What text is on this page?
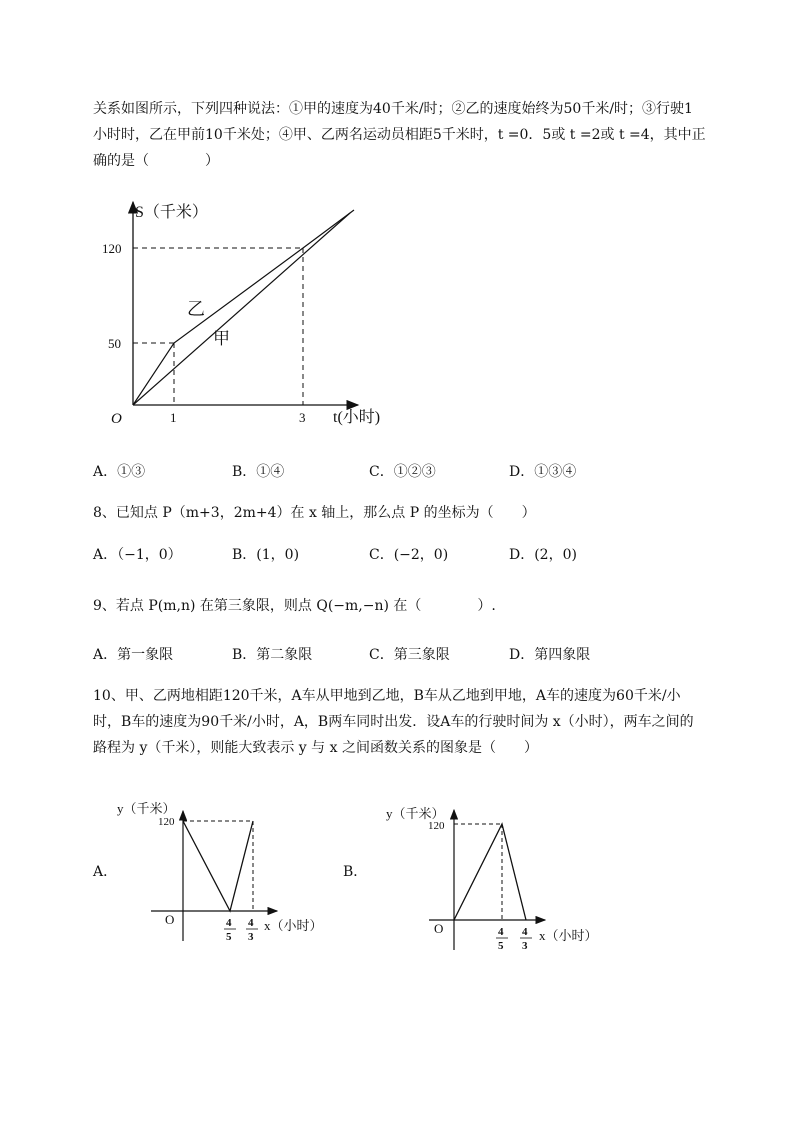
关系如图所示，下列四种说法：①甲的速度为40千米/时；②乙的速度始终为50千米/时；③行驶1
小时时，乙在甲前10千米处；④甲、乙两名运动员相距5千米时，t =0．5或 t =2或 t =4，其中正
确的是（　　　　）
S（千米）
t(小时)
O
120
50
1	3
乙
甲
A．①③	B．①④	C．①②③	D．①③④
8、已知点 P（m+3，2m+4）在 x 轴上，那么点 P 的坐标为（　　）
A．（−1，0）	B．(1，0)	C．(−2，0)	D．(2，0)
9、若点 P(m,n) 在第三象限，则点 Q(−m,−n) 在（　　　　）.
A．第一象限	B．第二象限	C．第三象限	D．第四象限
10、甲、乙两地相距120千米，A车从甲地到乙地，B车从乙地到甲地，A车的速度为60千米/小
时，B车的速度为90千米/小时，A，B两车同时出发．设A车的行驶时间为 x（小时），两车之间的
路程为 y（千米），则能大致表示 y 与 x 之间函数关系的图象是（　　）
A．
y（千米）
120
O	x（小时）
4
5
4
3
B．
y（千米）
120
O	x（小时）
4
5
4
3
